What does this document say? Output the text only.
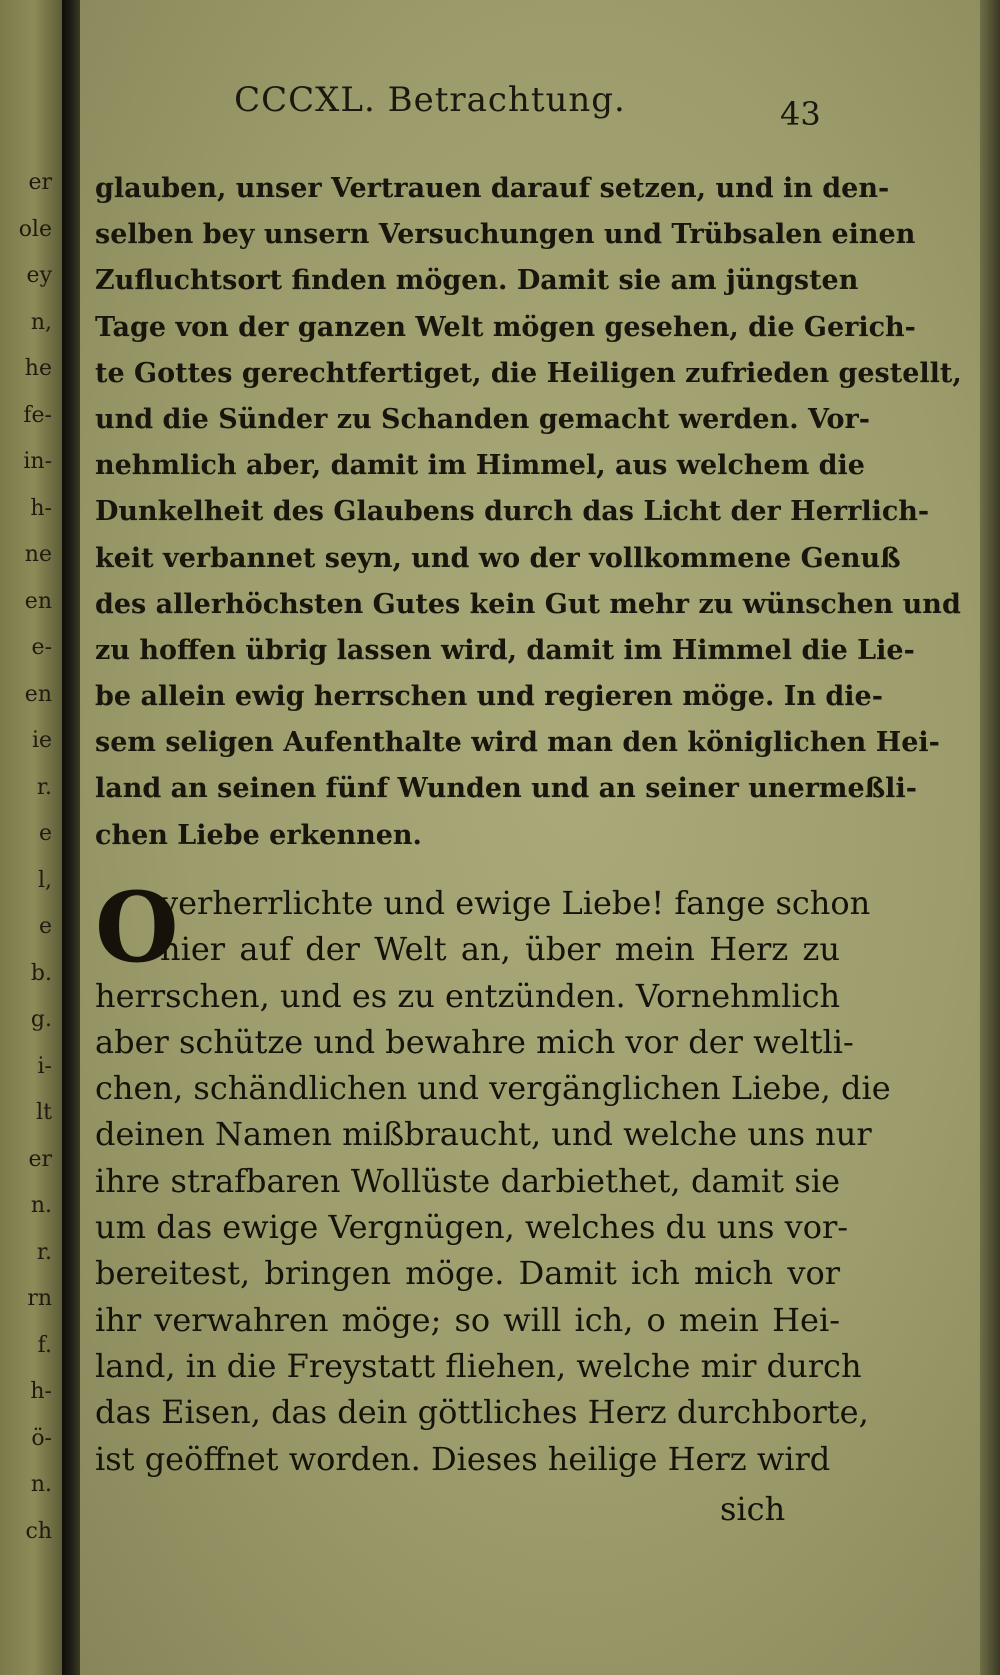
er
ole
ey
n,
he
fe-
in-
h-
ne
en
e-
en
ie
r.
e
l,
e
b.
g.
i-
lt
er
n.
r.
rn
f.
h-
ö-
n.
ch
CCCXL. Betrachtung.	43
glauben, unser Vertrauen darauf setzen, und in den-
selben bey unsern Versuchungen und Trübsalen einen
Zufluchtsort finden mögen. Damit sie am jüngsten
Tage von der ganzen Welt mögen gesehen, die Gerich-
te Gottes gerechtfertiget, die Heiligen zufrieden gestellt,
und die Sünder zu Schanden gemacht werden. Vor-
nehmlich aber, damit im Himmel, aus welchem die
Dunkelheit des Glaubens durch das Licht der Herrlich-
keit verbannet seyn, und wo der vollkommene Genuß
des allerhöchsten Gutes kein Gut mehr zu wünschen und
zu hoffen übrig lassen wird, damit im Himmel die Lie-
be allein ewig herrschen und regieren möge. In die-
sem seligen Aufenthalte wird man den königlichen Hei-
land an seinen fünf Wunden und an seiner unermeßli-
chen Liebe erkennen.
O
verherrlichte und ewige Liebe! fange schon
hier auf der Welt an, über mein Herz zu
herrschen, und es zu entzünden. Vornehmlich
aber schütze und bewahre mich vor der weltli-
chen, schändlichen und vergänglichen Liebe, die
deinen Namen mißbraucht, und welche uns nur
ihre strafbaren Wollüste darbiethet, damit sie
um das ewige Vergnügen, welches du uns vor-
bereitest, bringen möge. Damit ich mich vor
ihr verwahren möge; so will ich, o mein Hei-
land, in die Freystatt fliehen, welche mir durch
das Eisen, das dein göttliches Herz durchborte,
ist geöffnet worden. Dieses heilige Herz wird
sich
